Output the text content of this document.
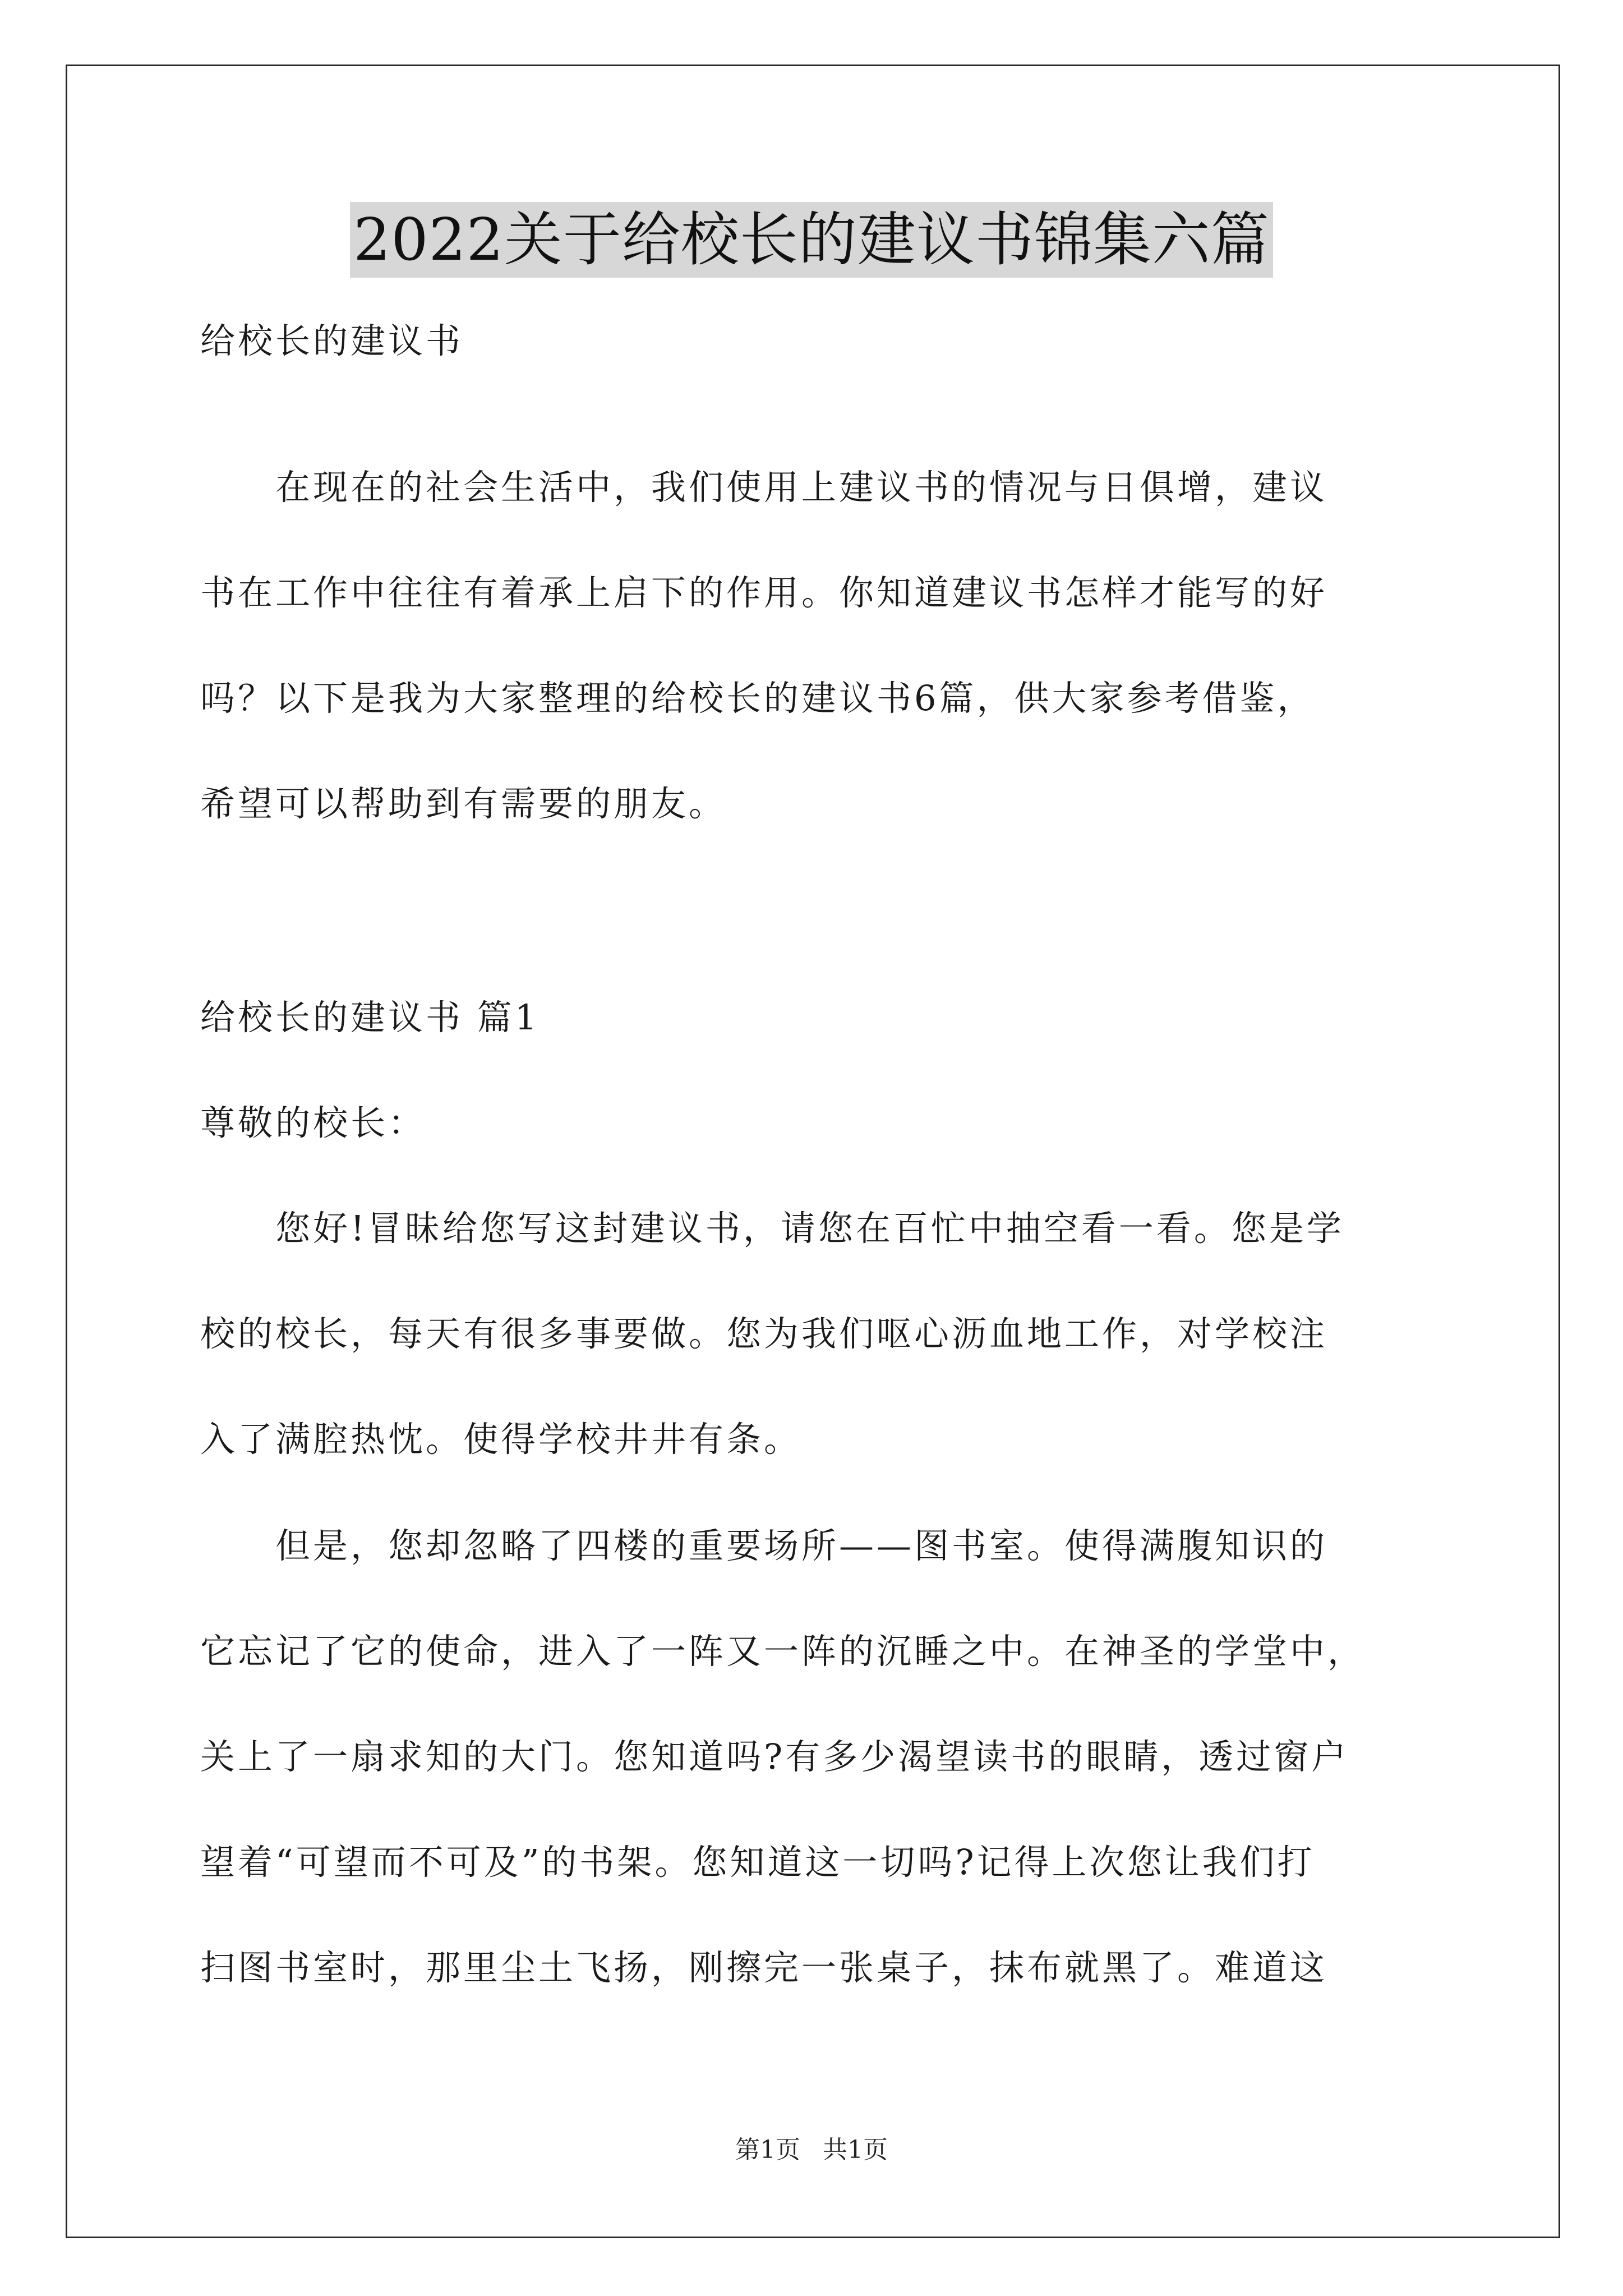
2022关于给校长的建议书锦集六篇
给校长的建议书
　　在现在的社会生活中，我们使用上建议书的情况与日俱增，建议
书在工作中往往有着承上启下的作用。你知道建议书怎样才能写的好
吗？以下是我为大家整理的给校长的建议书6篇，供大家参考借鉴，
希望可以帮助到有需要的朋友。
给校长的建议书 篇1
尊敬的校长：
　　您好!冒昧给您写这封建议书，请您在百忙中抽空看一看。您是学
校的校长，每天有很多事要做。您为我们呕心沥血地工作，对学校注
入了满腔热忱。使得学校井井有条。
　　但是，您却忽略了四楼的重要场所——图书室。使得满腹知识的
它忘记了它的使命，进入了一阵又一阵的沉睡之中。在神圣的学堂中，
关上了一扇求知的大门。您知道吗?有多少渴望读书的眼睛，透过窗户
望着“可望而不可及”的书架。您知道这一切吗?记得上次您让我们打
扫图书室时，那里尘土飞扬，刚擦完一张桌子，抹布就黑了。难道这
第1页 共1页
